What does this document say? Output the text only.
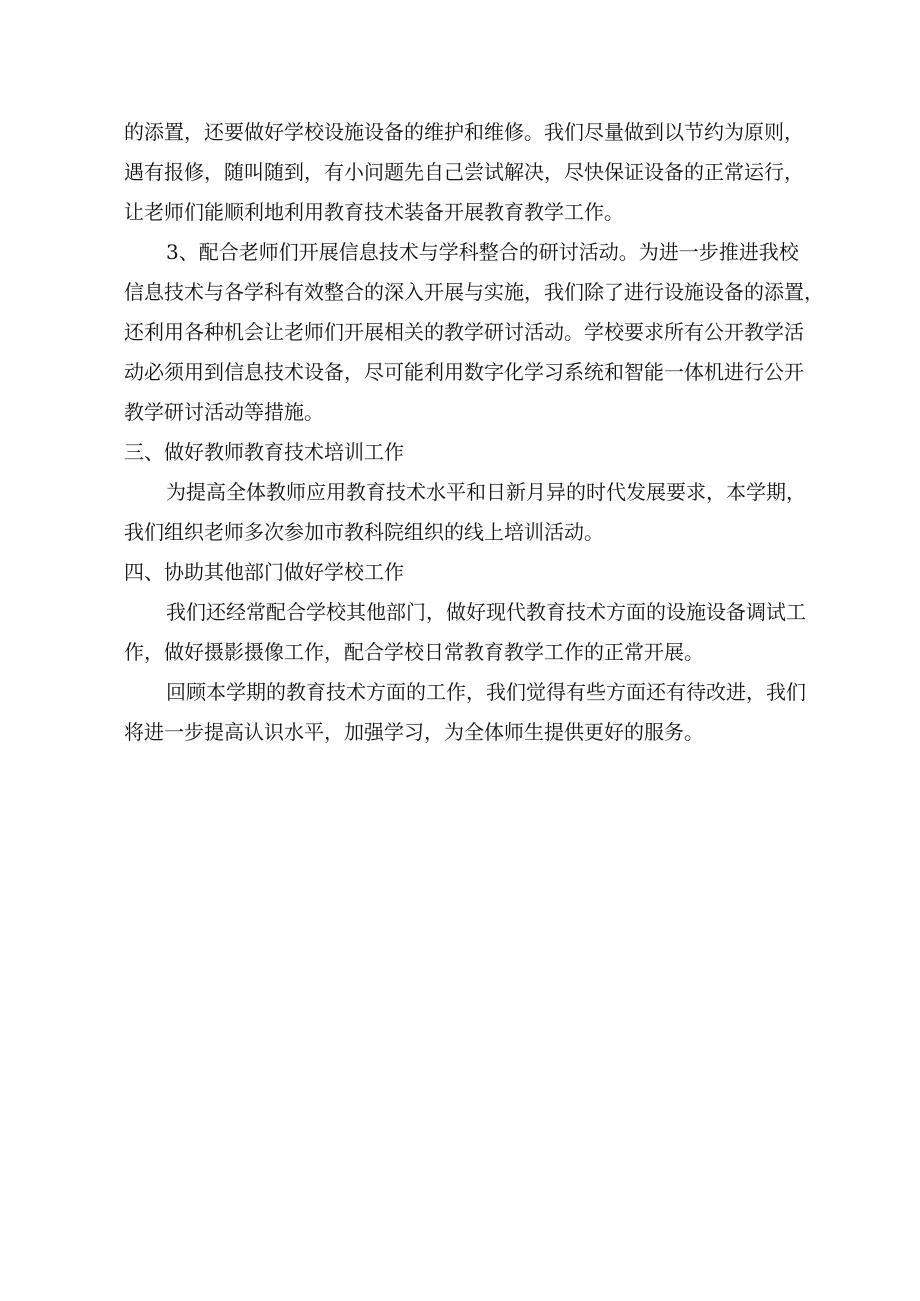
的添置，还要做好学校设施设备的维护和维修。我们尽量做到以节约为原则，
遇有报修，随叫随到，有小问题先自己尝试解决，尽快保证设备的正常运行，
让老师们能顺利地利用教育技术装备开展教育教学工作。
3、配合老师们开展信息技术与学科整合的研讨活动。为进一步推进我校
信息技术与各学科有效整合的深入开展与实施，我们除了进行设施设备的添置，
还利用各种机会让老师们开展相关的教学研讨活动。学校要求所有公开教学活
动必须用到信息技术设备，尽可能利用数字化学习系统和智能一体机进行公开
教学研讨活动等措施。
三、做好教师教育技术培训工作
为提高全体教师应用教育技术水平和日新月异的时代发展要求，本学期，
我们组织老师多次参加市教科院组织的线上培训活动。
四、协助其他部门做好学校工作
我们还经常配合学校其他部门，做好现代教育技术方面的设施设备调试工
作，做好摄影摄像工作，配合学校日常教育教学工作的正常开展。
回顾本学期的教育技术方面的工作，我们觉得有些方面还有待改进，我们
将进一步提高认识水平，加强学习，为全体师生提供更好的服务。
